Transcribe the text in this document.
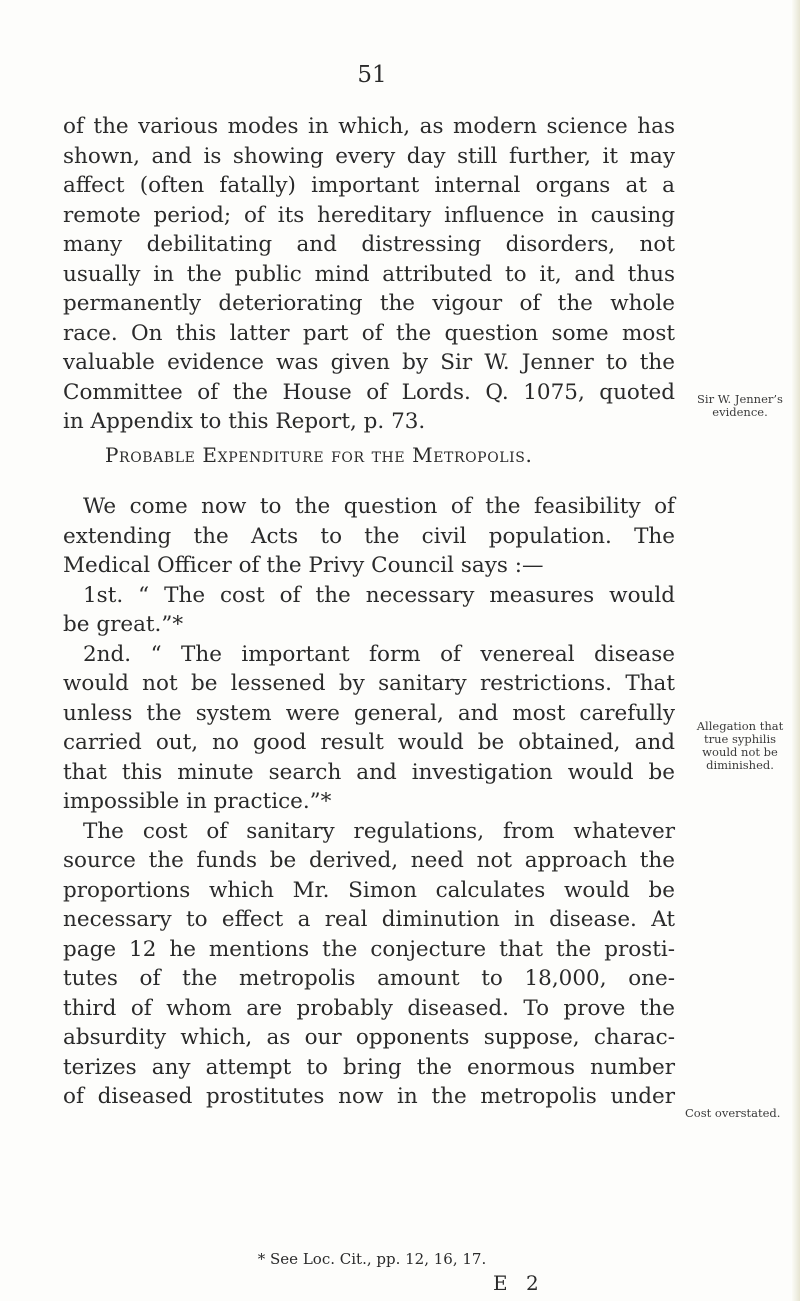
51
of the various modes in which, as modern science has
shown, and is showing every day still further, it may
affect (often fatally) important internal organs at a
remote period; of its hereditary influence in causing
many debilitating and distressing disorders, not
usually in the public mind attributed to it, and thus
permanently deteriorating the vigour of the whole
race. On this latter part of the question some most
valuable evidence was given by Sir W. Jenner to the
Committee of the House of Lords. Q. 1075, quoted
in Appendix to this Report, p. 73.
Probable Expenditure for the Metropolis.
We come now to the question of the feasibility of
extending the Acts to the civil population. The
Medical Officer of the Privy Council says :—
1st. “ The cost of the necessary measures would
be great.”*
2nd. “ The important form of venereal disease
would not be lessened by sanitary restrictions. That
unless the system were general, and most carefully
carried out, no good result would be obtained, and
that this minute search and investigation would be
impossible in practice.”*
The cost of sanitary regulations, from whatever
source the funds be derived, need not approach the
proportions which Mr. Simon calculates would be
necessary to effect a real diminution in disease. At
page 12 he mentions the conjecture that the prosti-
tutes of the metropolis amount to 18,000, one-
third of whom are probably diseased. To prove the
absurdity which, as our opponents suppose, charac-
terizes any attempt to bring the enormous number
of diseased prostitutes now in the metropolis under
Sir W. Jenner’s
evidence.
Allegation that
true syphilis
would not be
diminished.
Cost overstated.
* See Loc. Cit., pp. 12, 16, 17.
E 2
